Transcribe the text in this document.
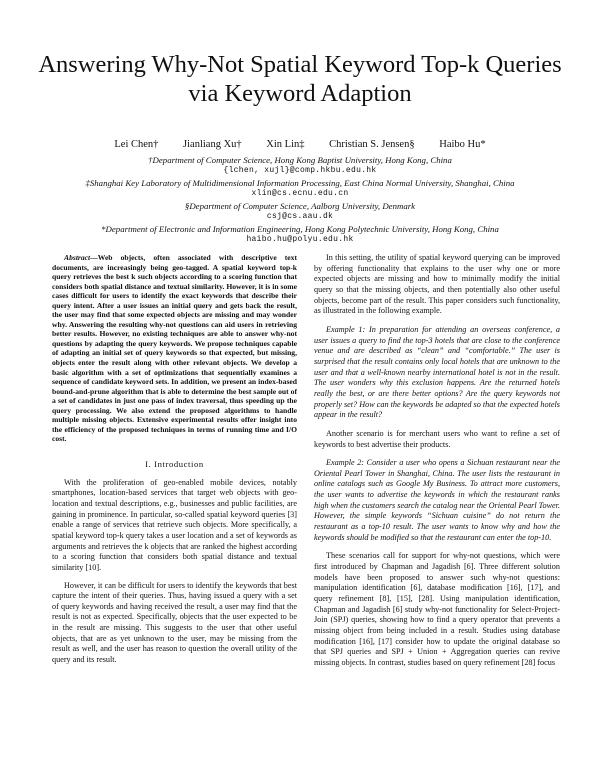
Answering Why-Not Spatial Keyword Top-k Queries
via Keyword Adaption
Lei Chen† Jianliang Xu† Xin Lin‡ Christian S. Jensen§ Haibo Hu*
†Department of Computer Science, Hong Kong Baptist University, Hong Kong, China
{lchen, xujl}@comp.hkbu.edu.hk
‡Shanghai Key Laboratory of Multidimensional Information Processing, East China Normal University, Shanghai, China
xlin@cs.ecnu.edu.cn
§Department of Computer Science, Aalborg University, Denmark
csj@cs.aau.dk
*Department of Electronic and Information Engineering, Hong Kong Polytechnic University, Hong Kong, China
haibo.hu@polyu.edu.hk

Abstract—Web objects, often associated with descriptive text documents, are increasingly being geo-tagged. A spatial keyword top-k query retrieves the best k such objects according to a scoring function that considers both spatial distance and textual similarity. However, it is in some cases difficult for users to identify the exact keywords that describe their query intent. After a user issues an initial query and gets back the result, the user may find that some expected objects are missing and may wonder why. Answering the resulting why-not questions can aid users in retrieving better results. However, no existing techniques are able to answer why-not questions by adapting the query keywords. We propose techniques capable of adapting an initial set of query keywords so that expected, but missing, objects enter the result along with other relevant objects. We develop a basic algorithm with a set of optimizations that sequentially examines a sequence of candidate keyword sets. In addition, we present an index-based bound-and-prune algorithm that is able to determine the best sample out of a set of candidates in just one pass of index traversal, thus speeding up the query processing. We also extend the proposed algorithms to handle multiple missing objects. Extensive experimental results offer insight into the efficiency of the proposed techniques in terms of running time and I/O cost.

I. Introduction

With the proliferation of geo-enabled mobile devices, notably smartphones, location-based services that target web objects with geo-location and textual descriptions, e.g., businesses and public facilities, are gaining in prominence. In particular, so-called spatial keyword queries [3] enable a range of services that retrieve such objects. More specifically, a spatial keyword top-k query takes a user location and a set of keywords as arguments and retrieves the k objects that are ranked the highest according to a scoring function that considers both spatial distance and textual similarity [10].

However, it can be difficult for users to identify the keywords that best capture the intent of their queries. Thus, having issued a query with a set of query keywords and having received the result, a user may find that the result is not as expected. Specifically, objects that the user expected to be in the result are missing. This suggests to the user that other useful objects, that are as yet unknown to the user, may be missing from the result as well, and the user has reason to question the overall utility of the query and its result.

In this setting, the utility of spatial keyword querying can be improved by offering functionality that explains to the user why one or more expected objects are missing and how to minimally modify the initial query so that the missing objects, and then potentially also other useful objects, become part of the result. This paper considers such functionality, as illustrated in the following example.

Example 1: In preparation for attending an overseas conference, a user issues a query to find the top-3 hotels that are close to the conference venue and are described as “clean” and “comfortable.” The user is surprised that the result contains only local hotels that are unknown to the user and that a well-known nearby international hotel is not in the result. The user wonders why this exclusion happens. Are the returned hotels really the best, or are there better options? Are the query keywords not properly set? How can the keywords be adapted so that the expected hotels appear in the result?

Another scenario is for merchant users who want to refine a set of keywords to best advertise their products.

Example 2: Consider a user who opens a Sichuan restaurant near the Oriental Pearl Tower in Shanghai, China. The user lists the restaurant in online catalogs such as Google My Business. To attract more customers, the user wants to advertise the keywords in which the restaurant ranks high when the customers search the catalog near the Oriental Pearl Tower. However, the simple keywords “Sichuan cuisine” do not return the restaurant as a top-10 result. The user wants to know why and how the keywords should be modified so that the restaurant can enter the top-10.

These scenarios call for support for why-not questions, which were first introduced by Chapman and Jagadish [6]. Three different solution models have been proposed to answer such why-not questions: manipulation identification [6], database modification [16], [17], and query refinement [8], [15], [28]. Using manipulation identification, Chapman and Jagadish [6] study why-not functionality for Select-Project-Join (SPJ) queries, showing how to find a query operator that prevents a missing object from being included in a result. Studies using database modification [16], [17] consider how to update the original database so that SPJ queries and SPJ + Union + Aggregation queries can revive missing objects. In contrast, studies based on query refinement [28] focus
